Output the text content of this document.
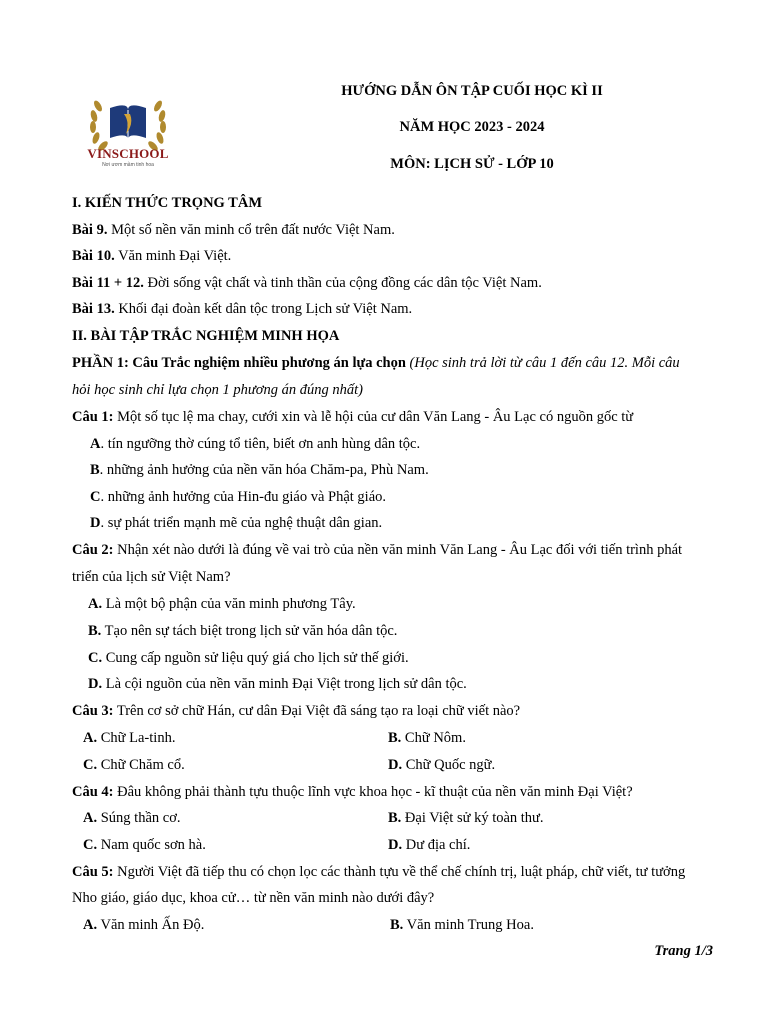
VINSCHOOL
Nơi ươm mầm tinh hoa
HƯỚNG DẪN ÔN TẬP CUỐI HỌC KÌ II
NĂM HỌC 2023 - 2024
MÔN: LỊCH SỬ - LỚP 10
I. KIẾN THỨC TRỌNG TÂM
Bài 9. Một số nền văn minh cổ trên đất nước Việt Nam.
Bài 10. Văn minh Đại Việt.
Bài 11 + 12. Đời sống vật chất và tinh thần của cộng đồng các dân tộc Việt Nam.
Bài 13. Khối đại đoàn kết dân tộc trong Lịch sử Việt Nam.
II. BÀI TẬP TRẮC NGHIỆM MINH HỌA
PHẦN 1: Câu Trắc nghiệm nhiều phương án lựa chọn (Học sinh trả lời từ câu 1 đến câu 12. Mỗi câu
hỏi học sinh chỉ lựa chọn 1 phương án đúng nhất)
Câu 1: Một số tục lệ ma chay, cưới xin và lễ hội của cư dân Văn Lang - Âu Lạc có nguồn gốc từ
A. tín ngưỡng thờ cúng tổ tiên, biết ơn anh hùng dân tộc.
B. những ảnh hưởng của nền văn hóa Chăm-pa, Phù Nam.
C. những ảnh hưởng của Hin-đu giáo và Phật giáo.
D. sự phát triển mạnh mẽ của nghệ thuật dân gian.
Câu 2: Nhận xét nào dưới là đúng về vai trò của nền văn minh Văn Lang - Âu Lạc đối với tiến trình phát
triển của lịch sử Việt Nam?
A. Là một bộ phận của văn minh phương Tây.
B. Tạo nên sự tách biệt trong lịch sử văn hóa dân tộc.
C. Cung cấp nguồn sử liệu quý giá cho lịch sử thế giới.
D. Là cội nguồn của nền văn minh Đại Việt trong lịch sử dân tộc.
Câu 3: Trên cơ sở chữ Hán, cư dân Đại Việt đã sáng tạo ra loại chữ viết nào?
A. Chữ La-tinh.	B. Chữ Nôm.
C. Chữ Chăm cổ.	D. Chữ Quốc ngữ.
Câu 4: Đâu không phải thành tựu thuộc lĩnh vực khoa học - kĩ thuật của nền văn minh Đại Việt?
A. Súng thần cơ.	B. Đại Việt sử ký toàn thư.
C. Nam quốc sơn hà.	D. Dư địa chí.
Câu 5: Người Việt đã tiếp thu có chọn lọc các thành tựu về thể chế chính trị, luật pháp, chữ viết, tư tưởng
Nho giáo, giáo dục, khoa cử… từ nền văn minh nào dưới đây?
A. Văn minh Ấn Độ.	B. Văn minh Trung Hoa.
Trang 1/3
